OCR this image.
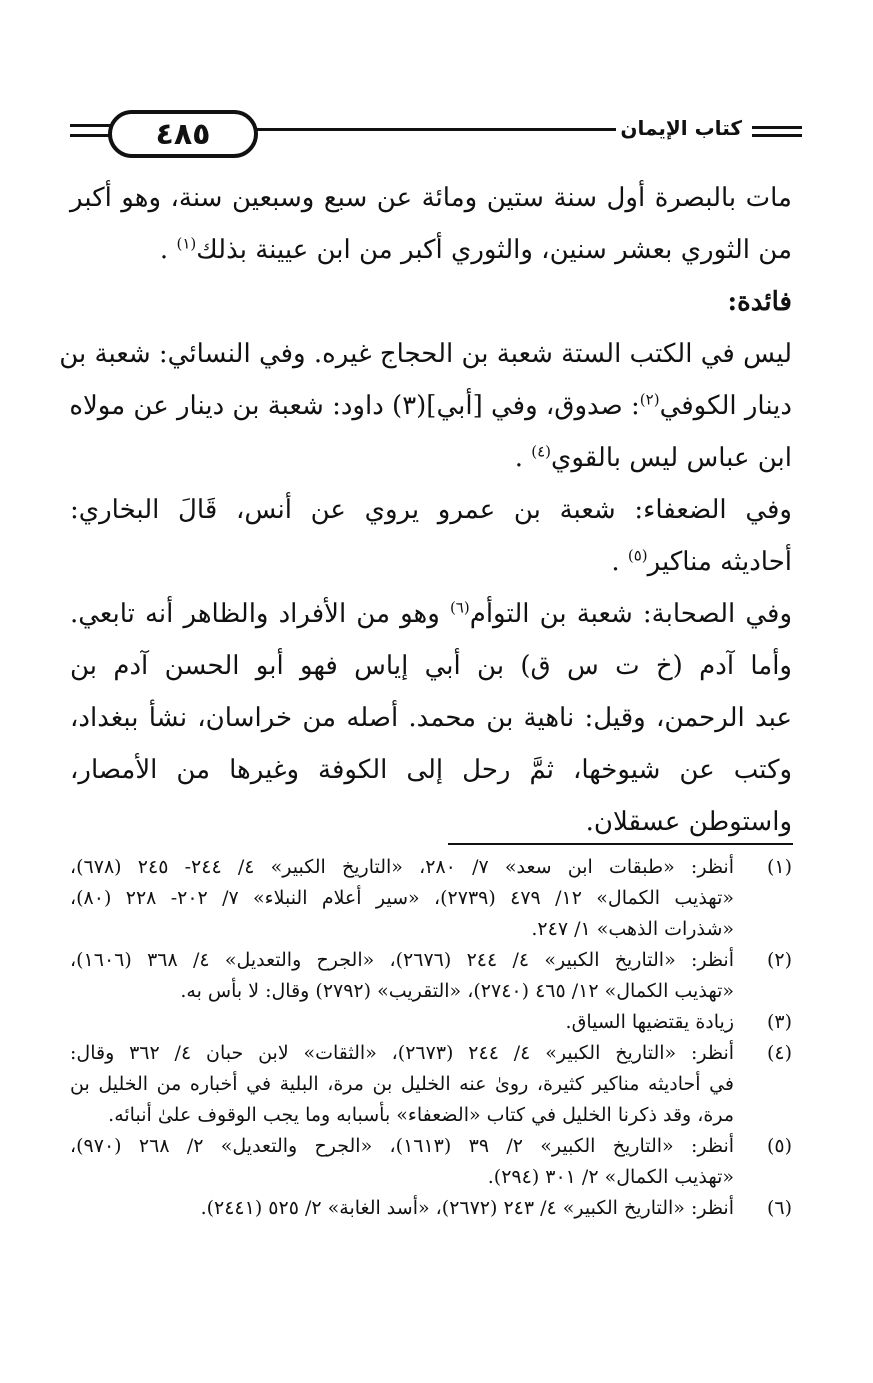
٤٨٥	كتاب الإيمان
مات بالبصرة أول سنة ستين ومائة عن سبع وسبعين سنة، وهو أكبر
من الثوري بعشر سنين، والثوري أكبر من ابن عيينة بذلك$^{(١)}$ .
فائدة:
ليس في الكتب الستة شعبة بن الحجاج غيره. وفي النسائي: شعبة بن
دينار الكوفي$^{(٢)}$: صدوق، وفي [أبي](٣) داود: شعبة بن دينار عن مولاه
ابن عباس ليس بالقوي$^{(٤)}$ .
وفي الضعفاء: شعبة بن عمرو يروي عن أنس، قَالَ البخاري:
أحاديثه مناكير$^{(٥)}$ .
وفي الصحابة: شعبة بن التوأم$^{(٦)}$ وهو من الأفراد والظاهر أنه تابعي.
وأما آدم (خ ت س ق) بن أبي إياس فهو أبو الحسن آدم بن
عبد الرحمن، وقيل: ناهية بن محمد. أصله من خراسان، نشأ ببغداد،
وكتب عن شيوخها، ثمَّ رحل إلى الكوفة وغيرها من الأمصار،
واستوطن عسقلان.
(١)
أنظر: «طبقات ابن سعد» ٧/ ٢٨٠، «التاريخ الكبير» ٤/ ٢٤٤- ٢٤٥ (٦٧٨)،
«تهذيب الكمال» ١٢/ ٤٧٩ (٢٧٣٩)، «سير أعلام النبلاء» ٧/ ٢٠٢- ٢٢٨ (٨٠)،
«شذرات الذهب» ١/ ٢٤٧.
(٢)
أنظر: «التاريخ الكبير» ٤/ ٢٤٤ (٢٦٧٦)، «الجرح والتعديل» ٤/ ٣٦٨ (١٦٠٦)،
«تهذيب الكمال» ١٢/ ٤٦٥ (٢٧٤٠)، «التقريب» (٢٧٩٢) وقال: لا بأس به.
(٣)
زيادة يقتضيها السياق.
(٤)
أنظر: «التاريخ الكبير» ٤/ ٢٤٤ (٢٦٧٣)، «الثقات» لابن حبان ٤/ ٣٦٢ وقال:
في أحاديثه مناكير كثيرة، روىٰ عنه الخليل بن مرة، البلية في أخباره من الخليل بن
مرة، وقد ذكرنا الخليل في كتاب «الضعفاء» بأسبابه وما يجب الوقوف علىٰ أنبائه.
(٥)
أنظر: «التاريخ الكبير» ٢/ ٣٩ (١٦١٣)، «الجرح والتعديل» ٢/ ٢٦٨ (٩٧٠)،
«تهذيب الكمال» ٢/ ٣٠١ (٢٩٤).
(٦)
أنظر: «التاريخ الكبير» ٤/ ٢٤٣ (٢٦٧٢)، «أسد الغابة» ٢/ ٥٢٥ (٢٤٤١).
